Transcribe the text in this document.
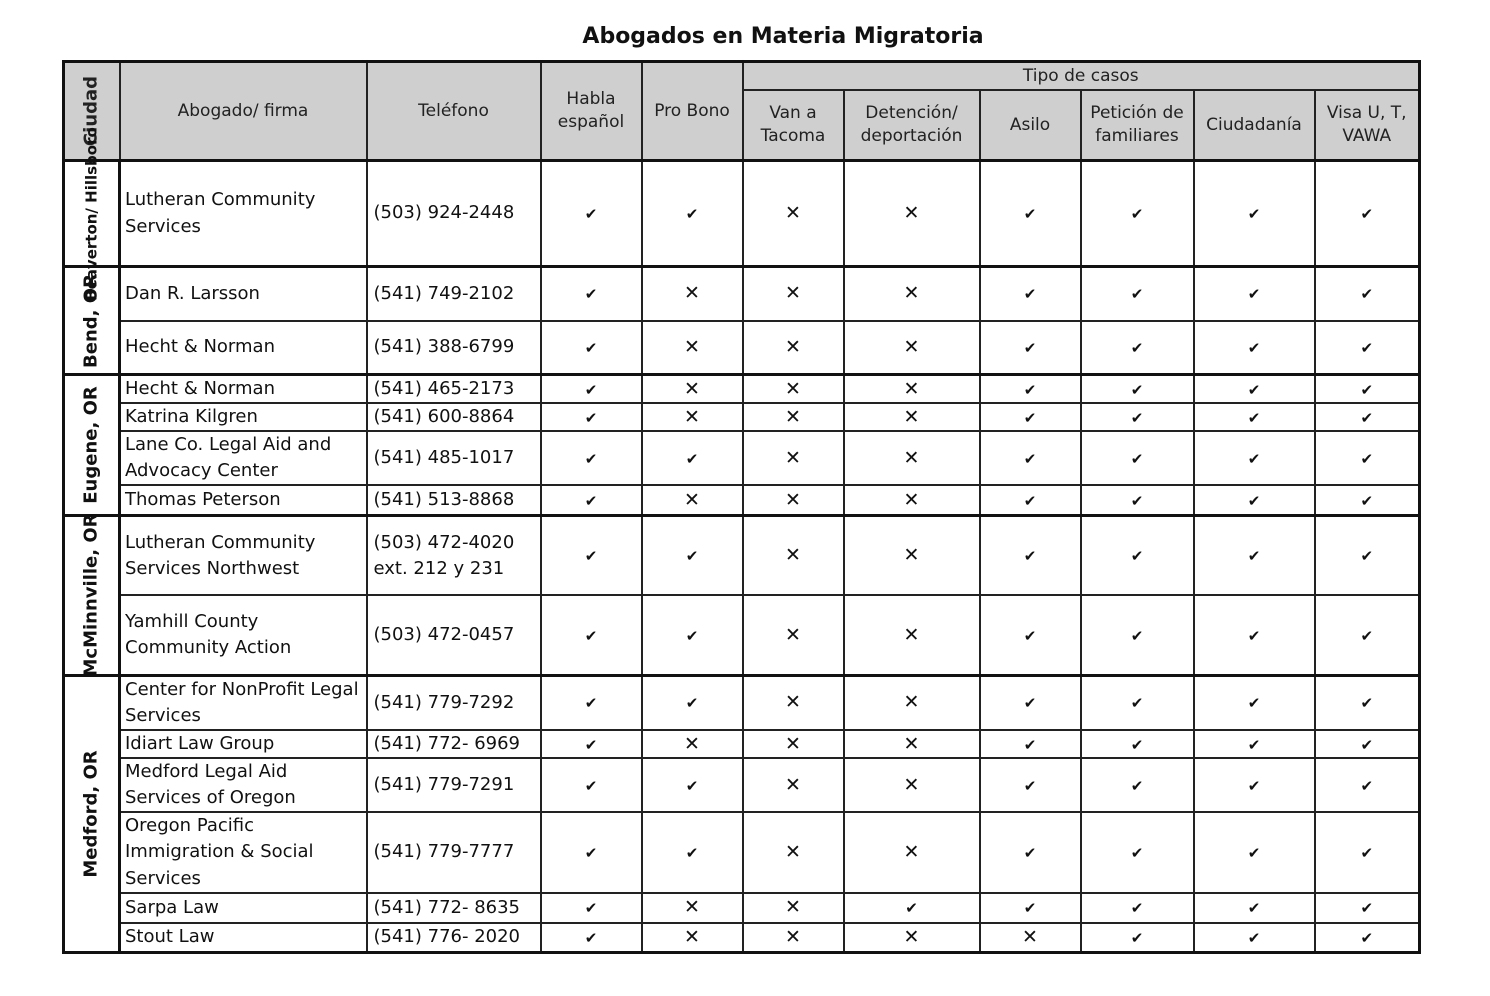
Abogados en Materia Migratoria
Ciudad	Abogado/ firma	Teléfono	Habla español	Pro Bono	Tipo de casos					
					Van a Tacoma	Detención/ deportación	Asilo	Petición de familiares	Ciudadanía	Visa U, T, VAWA

Beaverton/ Hillsboro	Lutheran Community Services	(503) 924-2448	✔	✔	✕	✕	✔	✔	✔	✔

Bend, OR	Dan R. Larsson	(541) 749-2102	✔	✕	✕	✕	✔	✔	✔	✔
	Hecht & Norman	(541) 388-6799	✔	✕	✕	✕	✔	✔	✔	✔

Eugene, OR	Hecht & Norman	(541) 465-2173	✔	✕	✕	✕	✔	✔	✔	✔
	Katrina Kilgren	(541) 600-8864	✔	✕	✕	✕	✔	✔	✔	✔
	Lane Co. Legal Aid and Advocacy Center	(541) 485-1017	✔	✔	✕	✕	✔	✔	✔	✔
	Thomas Peterson	(541) 513-8868	✔	✕	✕	✕	✔	✔	✔	✔

McMinnville, OR	Lutheran Community Services Northwest	(503) 472-4020 ext. 212 y 231	✔	✔	✕	✕	✔	✔	✔	✔
	Yamhill County Community Action	(503) 472-0457	✔	✔	✕	✕	✔	✔	✔	✔

Medford, OR	Center for NonProfit Legal Services	(541) 779-7292	✔	✔	✕	✕	✔	✔	✔	✔
	Idiart Law Group	(541) 772- 6969	✔	✕	✕	✕	✔	✔	✔	✔
	Medford Legal Aid Services of Oregon	(541) 779-7291	✔	✔	✕	✕	✔	✔	✔	✔
	Oregon Pacific Immigration & Social Services	(541) 779-7777	✔	✔	✕	✕	✔	✔	✔	✔
	Sarpa Law	(541) 772- 8635	✔	✕	✕	✔	✔	✔	✔	✔
	Stout Law	(541) 776- 2020	✔	✕	✕	✕	✕	✔	✔	✔
